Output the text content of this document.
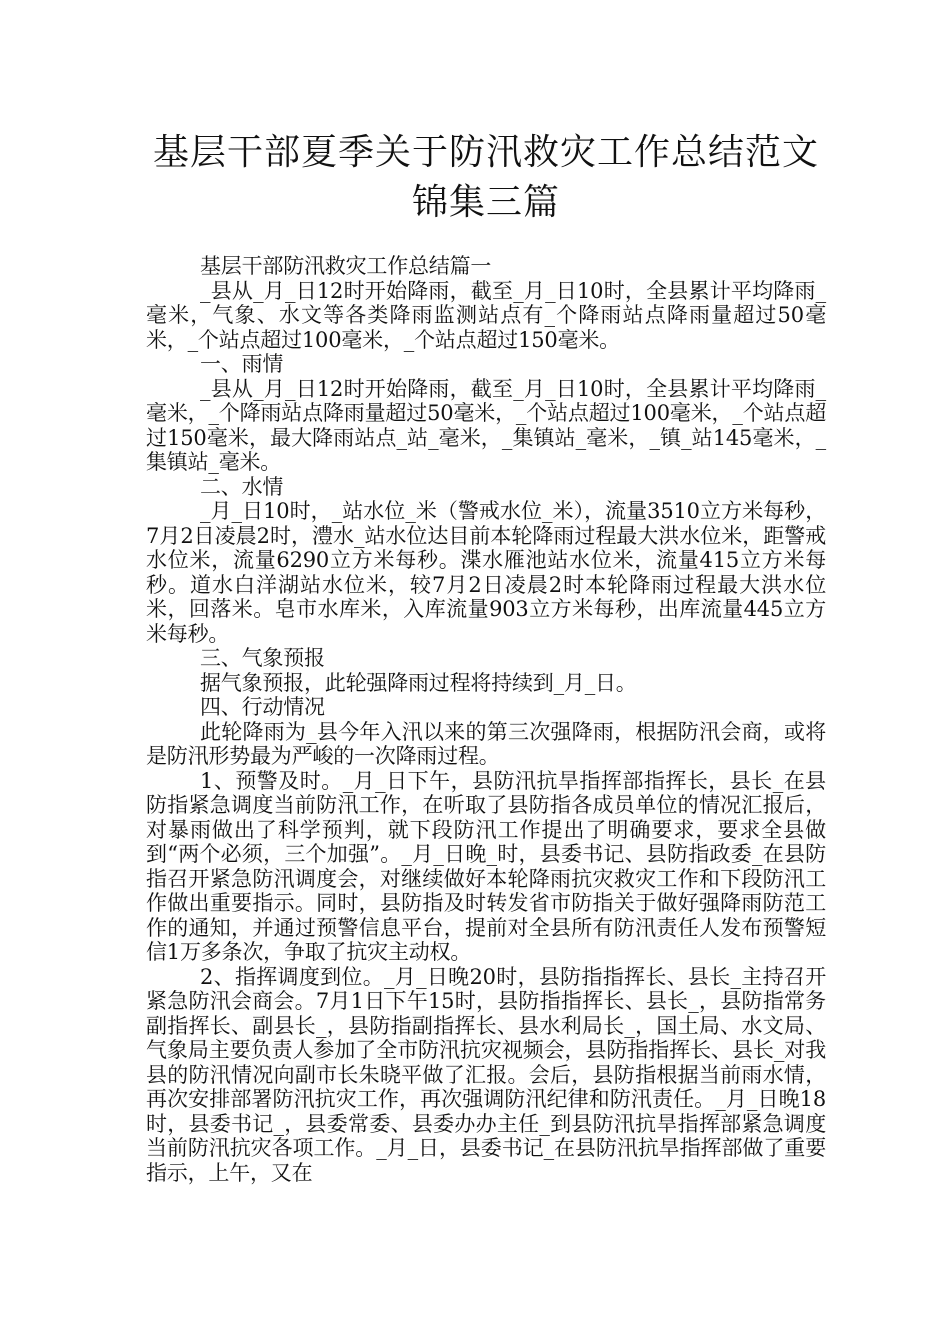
基层干部夏季关于防汛救灾工作总结范文
锦集三篇

基层干部防汛救灾工作总结篇一

_县从_月_日12时开始降雨，截至_月_日10时，全县累计平均降雨_毫米，气象、水文等各类降雨监测站点有_个降雨站点降雨量超过50毫米，_个站点超过100毫米，_个站点超过150毫米。

一、雨情

_县从_月_日12时开始降雨，截至_月_日10时，全县累计平均降雨_毫米，_个降雨站点降雨量超过50毫米，_个站点超过100毫米，_个站点超过150毫米，最大降雨站点_站_毫米，_集镇站_毫米，_镇_站145毫米，_集镇站_毫米。

二、水情

_月_日10时，_站水位_米（警戒水位_米），流量3510立方米每秒，7月2日凌晨2时，澧水_站水位达目前本轮降雨过程最大洪水位米，距警戒水位米，流量6290立方米每秒。渫水雁池站水位米，流量415立方米每秒。道水白洋湖站水位米，较7月2日凌晨2时本轮降雨过程最大洪水位米，回落米。皂市水库米，入库流量903立方米每秒，出库流量445立方米每秒。

三、气象预报

据气象预报，此轮强降雨过程将持续到_月_日。

四、行动情况

此轮降雨为_县今年入汛以来的第三次强降雨，根据防汛会商，或将是防汛形势最为严峻的一次降雨过程。

1、预警及时。_月_日下午，县防汛抗旱指挥部指挥长，县长_在县防指紧急调度当前防汛工作，在听取了县防指各成员单位的情况汇报后，对暴雨做出了科学预判，就下段防汛工作提出了明确要求，要求全县做到“两个必须，三个加强”。_月_日晚_时，县委书记、县防指政委_在县防指召开紧急防汛调度会，对继续做好本轮降雨抗灾救灾工作和下段防汛工作做出重要指示。同时，县防指及时转发省市防指关于做好强降雨防范工作的通知，并通过预警信息平台，提前对全县所有防汛责任人发布预警短信1万多条次，争取了抗灾主动权。

2、指挥调度到位。_月_日晚20时，县防指指挥长、县长_主持召开紧急防汛会商会。7月1日下午15时，县防指指挥长、县长_，县防指常务副指挥长、副县长_，县防指副指挥长、县水利局长_，国土局、水文局、气象局主要负责人参加了全市防汛抗灾视频会，县防指指挥长、县长_对我县的防汛情况向副市长朱晓平做了汇报。会后，县防指根据当前雨水情，再次安排部署防汛抗灾工作，再次强调防汛纪律和防汛责任。_月_日晚18时，县委书记_，县委常委、县委办办主任_到县防汛抗旱指挥部紧急调度当前防汛抗灾各项工作。_月_日，县委书记_在县防汛抗旱指挥部做了重要指示，上午，又在
